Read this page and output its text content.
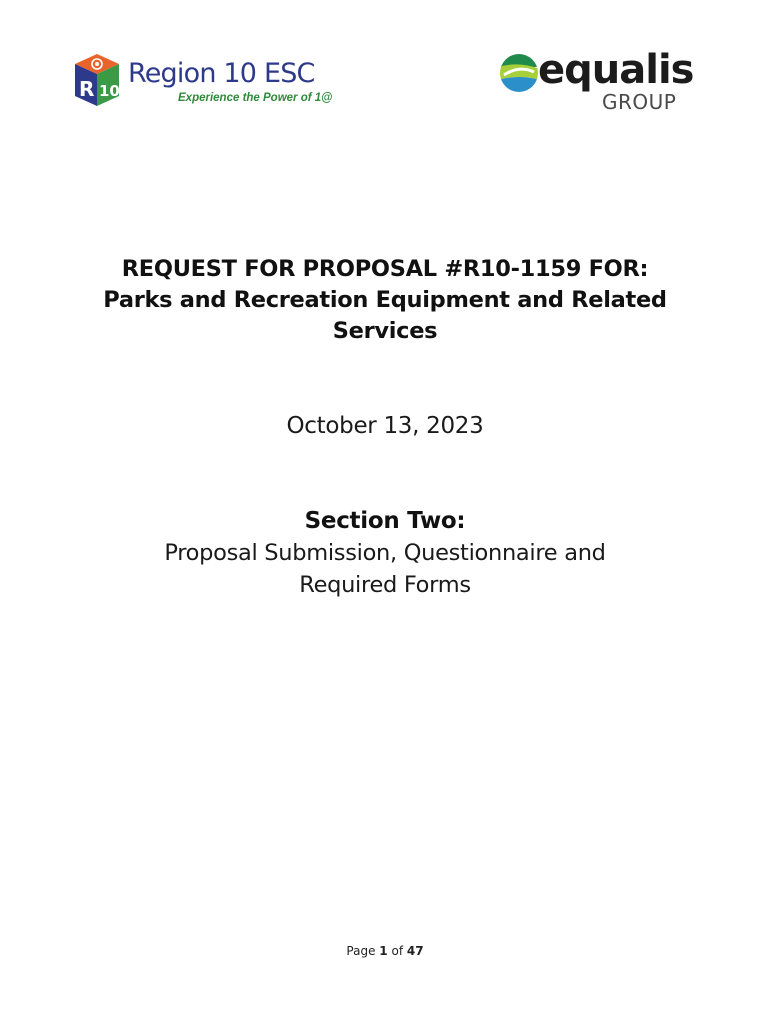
R 10
Region 10 ESC
Experience the Power of 1@
equalis
GROUP
REQUEST FOR PROPOSAL #R10-1159 FOR:
Parks and Recreation Equipment and Related
Services
October 13, 2023
Section Two:
Proposal Submission, Questionnaire and
Required Forms
Page 1 of 47
